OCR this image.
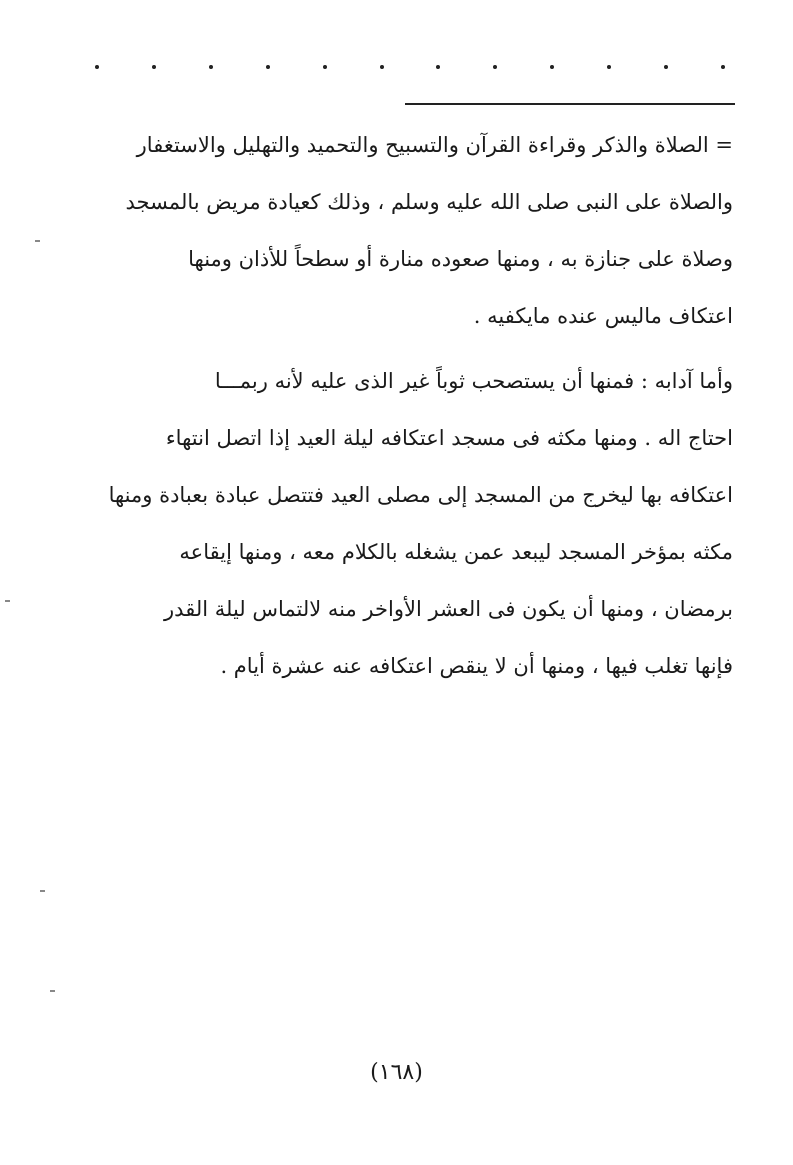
= الصلاة والذكر وقراءة القرآن والتسبيح والتحميد والتهليل والاستغفار
والصلاة على النبى صلى الله عليه وسلم ، وذلك كعيادة مريض بالمسجد
وصلاة على جنازة به ، ومنها صعوده منارة أو سطحاً للأذان ومنها
اعتكاف ماليس عنده مايكفيه .
وأما آدابه : فمنها أن يستصحب ثوباً غير الذى عليه لأنه ربمـــا
احتاج اله . ومنها مكثه فى مسجد اعتكافه ليلة العيد إذا اتصل انتهاء
اعتكافه بها ليخرج من المسجد إلى مصلى العيد فتتصل عبادة بعبادة ومنها
مكثه بمؤخر المسجد ليبعد عمن يشغله بالكلام معه ، ومنها إيقاعه
برمضان ، ومنها أن يكون فى العشر الأواخر منه لالتماس ليلة القدر
فإنها تغلب فيها ، ومنها أن لا ينقص اعتكافه عنه عشرة أيام .
(١٦٨)
